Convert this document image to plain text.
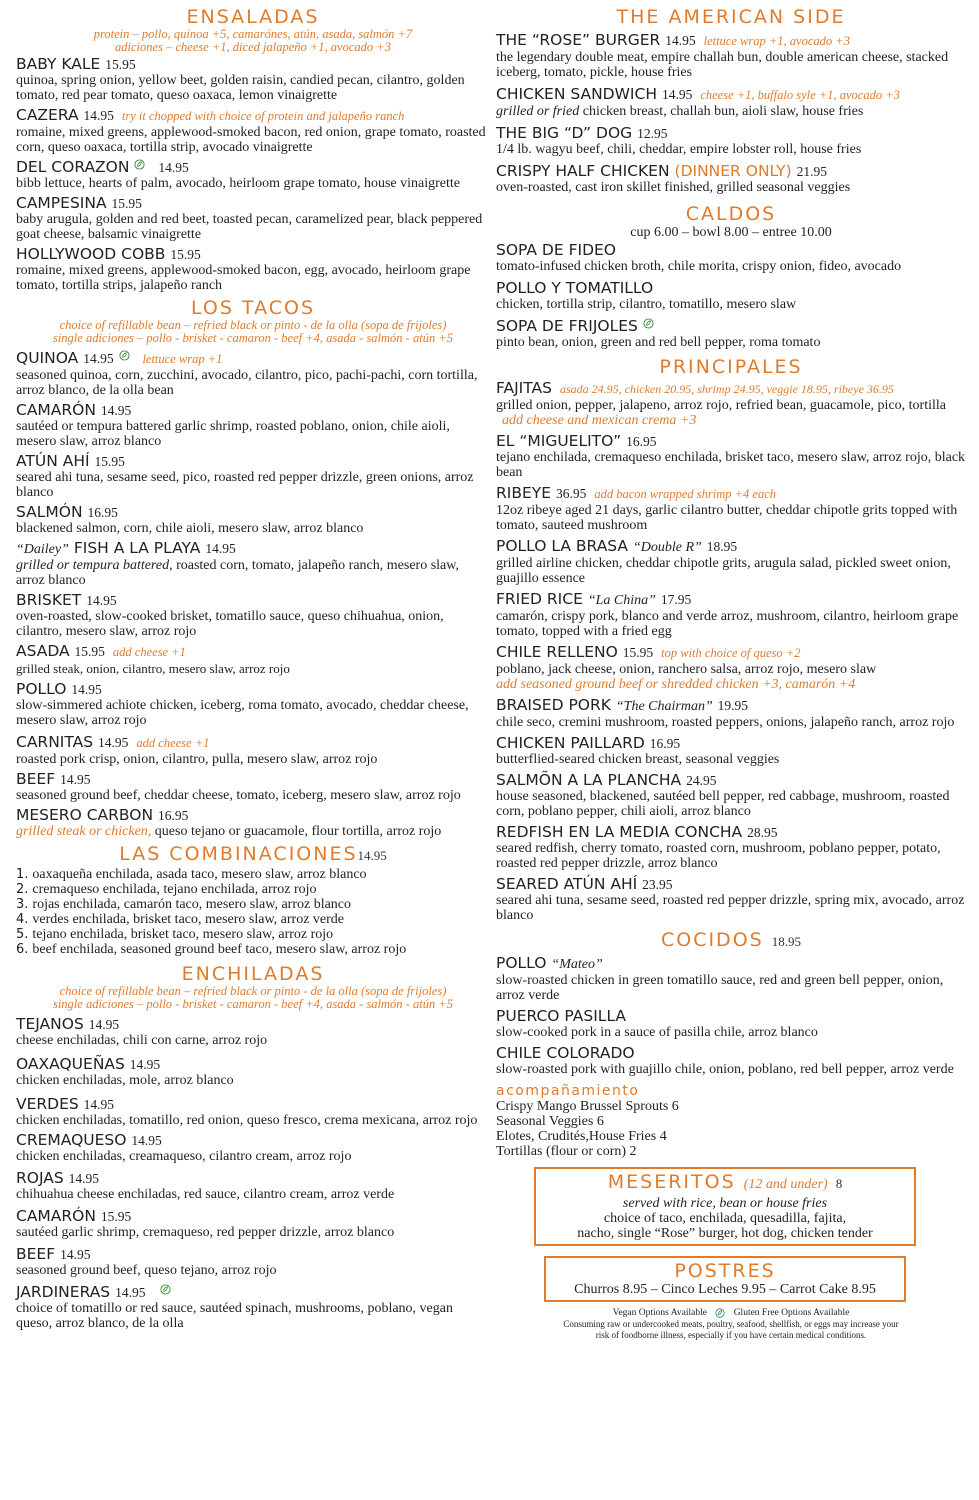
ENSALADAS
protein – pollo, quinoa +5, camarónes, atún, asada, salmón +7
adiciones – cheese +1, diced jalapeño +1, avocado +3
BABY KALE 15.95
quinoa, spring onion, yellow beet, golden raisin, candied pecan, cilantro, golden tomato, red pear tomato, queso oaxaca, lemon vinaigrette
CAZERA 14.95 try it chopped with choice of protein and jalapeño ranch
romaine, mixed greens, applewood-smoked bacon, red onion, grape tomato, roasted corn, queso oaxaca, tortilla strip, avocado vinaigrette
DEL CORAZON 14.95
bibb lettuce, hearts of palm, avocado, heirloom grape tomato, house vinaigrette
CAMPESINA 15.95
baby arugula, golden and red beet, toasted pecan, caramelized pear, black peppered goat cheese, balsamic vinaigrette
HOLLYWOOD COBB 15.95
romaine, mixed greens, applewood-smoked bacon, egg, avocado, heirloom grape tomato, tortilla strips, jalapeño ranch
LOS TACOS
choice of refillable bean – refried black or pinto - de la olla (sopa de frijoles)
single adiciones – pollo - brisket - camaron - beef +4, asada - salmón - atún +5
QUINOA 14.95 lettuce wrap +1
seasoned quinoa, corn, zucchini, avocado, cilantro, pico, pachi-pachi, corn tortilla, arroz blanco, de la olla bean
CAMARÓN 14.95
sautéed or tempura battered garlic shrimp, roasted poblano, onion, chile aioli, mesero slaw, arroz blanco
ATÚN AHÍ 15.95
seared ahi tuna, sesame seed, pico, roasted red pepper drizzle, green onions, arroz blanco
SALMÓN 16.95
blackened salmon, corn, chile aioli, mesero slaw, arroz blanco
“Dailey” FISH A LA PLAYA 14.95
grilled or tempura battered, roasted corn, tomato, jalapeño ranch, mesero slaw, arroz blanco
BRISKET 14.95
oven-roasted, slow-cooked brisket, tomatillo sauce, queso chihuahua, onion, cilantro, mesero slaw, arroz rojo
ASADA 15.95 add cheese +1
grilled steak, onion, cilantro, mesero slaw, arroz rojo
POLLO 14.95
slow-simmered achiote chicken, iceberg, roma tomato, avocado, cheddar cheese, mesero slaw, arroz rojo
CARNITAS 14.95 add cheese +1
roasted pork crisp, onion, cilantro, pulla, mesero slaw, arroz rojo
BEEF 14.95
seasoned ground beef, cheddar cheese, tomato, iceberg, mesero slaw, arroz rojo
MESERO CARBON 16.95
grilled steak or chicken, queso tejano or guacamole, flour tortilla, arroz rojo
LAS COMBINACIONES14.95
1. oaxaqueña enchilada, asada taco, mesero slaw, arroz blanco
2. cremaqueso enchilada, tejano enchilada, arroz rojo
3. rojas enchilada, camarón taco, mesero slaw, arroz blanco
4. verdes enchilada, brisket taco, mesero slaw, arroz verde
5. tejano enchilada, brisket taco, mesero slaw, arroz rojo
6. beef enchilada, seasoned ground beef taco, mesero slaw, arroz rojo
ENCHILADAS
choice of refillable bean – refried black or pinto - de la olla (sopa de frijoles)
single adiciones – pollo - brisket - camaron - beef +4, asada - salmón - atún +5
TEJANOS 14.95
cheese enchiladas, chili con carne, arroz rojo
OAXAQUEÑAS 14.95
chicken enchiladas, mole, arroz blanco
VERDES 14.95
chicken enchiladas, tomatillo, red onion, queso fresco, crema mexicana, arroz rojo
CREMAQUESO 14.95
chicken enchiladas, creamaqueso, cilantro cream, arroz rojo
ROJAS 14.95
chihuahua cheese enchiladas, red sauce, cilantro cream, arroz verde
CAMARÓN 15.95
sautéed garlic shrimp, cremaqueso, red pepper drizzle, arroz blanco
BEEF 14.95
seasoned ground beef, queso tejano, arroz rojo
JARDINERAS 14.95
choice of tomatillo or red sauce, sautéed spinach, mushrooms, poblano, vegan queso, arroz blanco, de la olla
THE AMERICAN SIDE
THE “ROSE” BURGER 14.95 lettuce wrap +1, avocado +3
the legendary double meat, empire challah bun, double american cheese, stacked iceberg, tomato, pickle, house fries
CHICKEN SANDWICH 14.95 cheese +1, buffalo syle +1, avocado +3
grilled or fried chicken breast, challah bun, aioli slaw, house fries
THE BIG “D” DOG 12.95
1/4 lb. wagyu beef, chili, cheddar, empire lobster roll, house fries
CRISPY HALF CHICKEN (DINNER ONLY) 21.95
oven-roasted, cast iron skillet finished, grilled seasonal veggies
CALDOS
cup 6.00 – bowl 8.00 – entree 10.00
SOPA DE FIDEO
tomato-infused chicken broth, chile morita, crispy onion, fideo, avocado
POLLO Y TOMATILLO
chicken, tortilla strip, cilantro, tomatillo, mesero slaw
SOPA DE FRIJOLES
pinto bean, onion, green and red bell pepper, roma tomato
PRINCIPALES
FAJITAS asada 24.95, chicken 20.95, shrimp 24.95, veggie 18.95, ribeye 36.95
grilled onion, pepper, jalapeno, arroz rojo, refried bean, guacamole, pico, tortilla add cheese and mexican crema +3
EL “MIGUELITO” 16.95
tejano enchilada, cremaqueso enchilada, brisket taco, mesero slaw, arroz rojo, black bean
RIBEYE 36.95 add bacon wrapped shrimp +4 each
12oz ribeye aged 21 days, garlic cilantro butter, cheddar chipotle grits topped with tomato, sauteed mushroom
POLLO LA BRASA “Double R” 18.95
grilled airline chicken, cheddar chipotle grits, arugula salad, pickled sweet onion, guajillo essence
FRIED RICE “La China” 17.95
camarón, crispy pork, blanco and verde arroz, mushroom, cilantro, heirloom grape tomato, topped with a fried egg
CHILE RELLENO 15.95 top with choice of queso +2
poblano, jack cheese, onion, ranchero salsa, arroz rojo, mesero slaw
add seasoned ground beef or shredded chicken +3, camarón +4
BRAISED PORK “The Chairman” 19.95
chile seco, cremini mushroom, roasted peppers, onions, jalapeño ranch, arroz rojo
CHICKEN PAILLARD 16.95
butterflied-seared chicken breast, seasonal veggies
SALMÕN A LA PLANCHA 24.95
house seasoned, blackened, sautéed bell pepper, red cabbage, mushroom, roasted corn, poblano pepper, chili aioli, arroz blanco
REDFISH EN LA MEDIA CONCHA 28.95
seared redfish, cherry tomato, roasted corn, mushroom, poblano pepper, potato, roasted red pepper drizzle, arroz blanco
SEARED ATÚN AHÍ 23.95
seared ahi tuna, sesame seed, roasted red pepper drizzle, spring mix, avocado, arroz blanco
COCIDOS 18.95
POLLO “Mateo”
slow-roasted chicken in green tomatillo sauce, red and green bell pepper, onion, arroz verde
PUERCO PASILLA
slow-cooked pork in a sauce of pasilla chile, arroz blanco
CHILE COLORADO
slow-roasted pork with guajillo chile, onion, poblano, red bell pepper, arroz verde
acompañamiento
Crispy Mango Brussel Sprouts 6
Seasonal Veggies 6
Elotes, Crudités,House Fries 4
Tortillas (flour or corn) 2
MESERITOS (12 and under) 8
served with rice, bean or house fries
choice of taco, enchilada, quesadilla, fajita,
nacho, single “Rose” burger, hot dog, chicken tender
POSTRES
Churros 8.95 – Cinco Leches 9.95 – Carrot Cake 8.95
Vegan Options Available	Gluten Free Options Available
Consuming raw or undercooked meats, poultry, seafood, shellfish, or eggs may increase your
risk of foodborne illness, especially if you have certain medical conditions.
